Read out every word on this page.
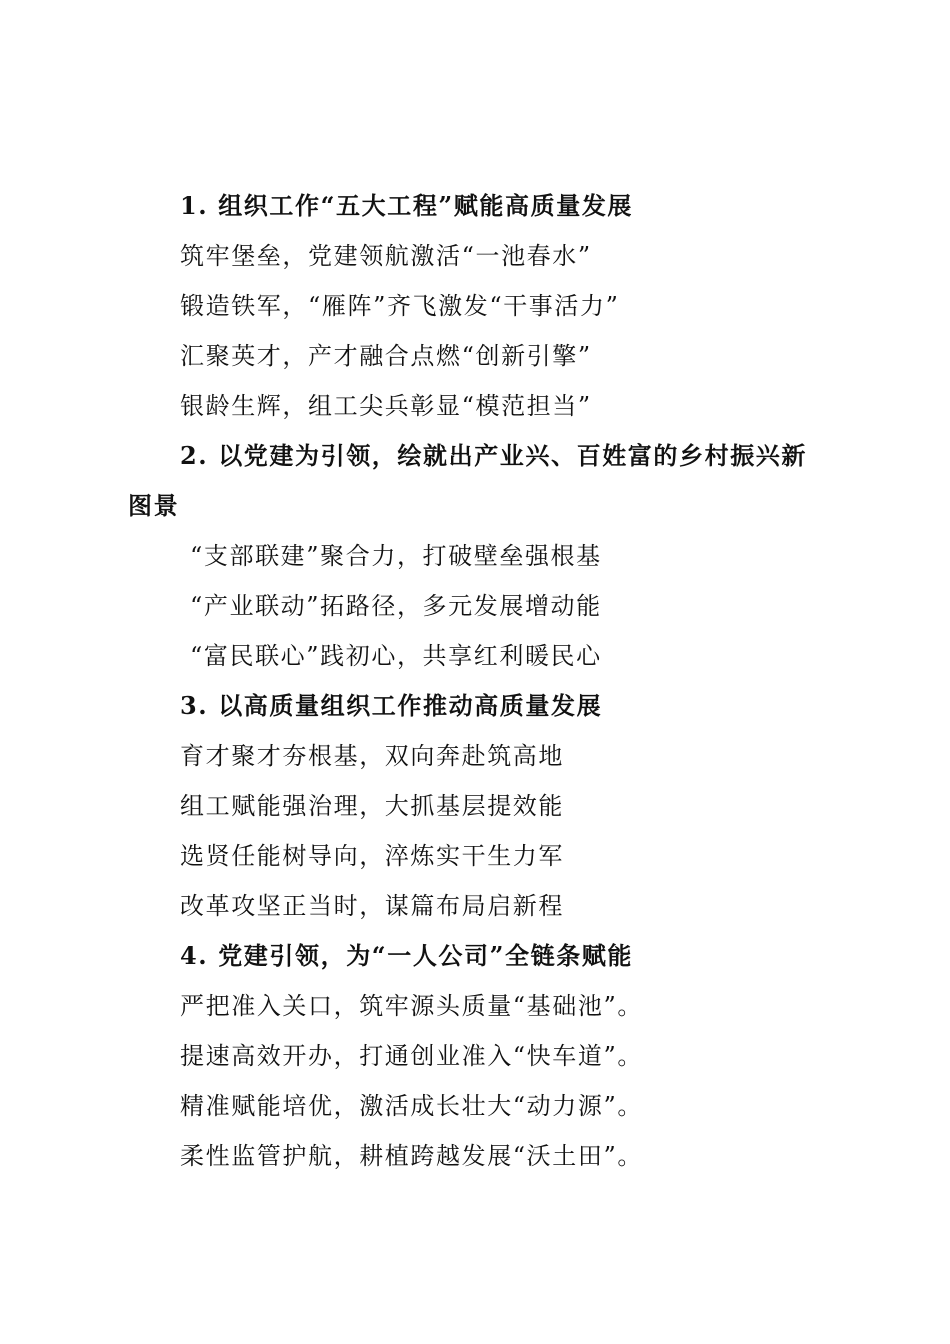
1. 组织工作“五大工程”赋能高质量发展
筑牢堡垒，党建领航激活“一池春水”
锻造铁军，“雁阵”齐飞激发“干事活力”
汇聚英才，产才融合点燃“创新引擎”
银龄生辉，组工尖兵彰显“模范担当”
2. 以党建为引领，绘就出产业兴、百姓富的乡村振兴新图景
“支部联建”聚合力，打破壁垒强根基
“产业联动”拓路径，多元发展增动能
“富民联心”践初心，共享红利暖民心
3. 以高质量组织工作推动高质量发展
育才聚才夯根基，双向奔赴筑高地
组工赋能强治理，大抓基层提效能
选贤任能树导向，淬炼实干生力军
改革攻坚正当时，谋篇布局启新程
4. 党建引领，为“一人公司”全链条赋能
严把准入关口，筑牢源头质量“基础池”。
提速高效开办，打通创业准入“快车道”。
精准赋能培优，激活成长壮大“动力源”。
柔性监管护航，耕植跨越发展“沃土田”。
